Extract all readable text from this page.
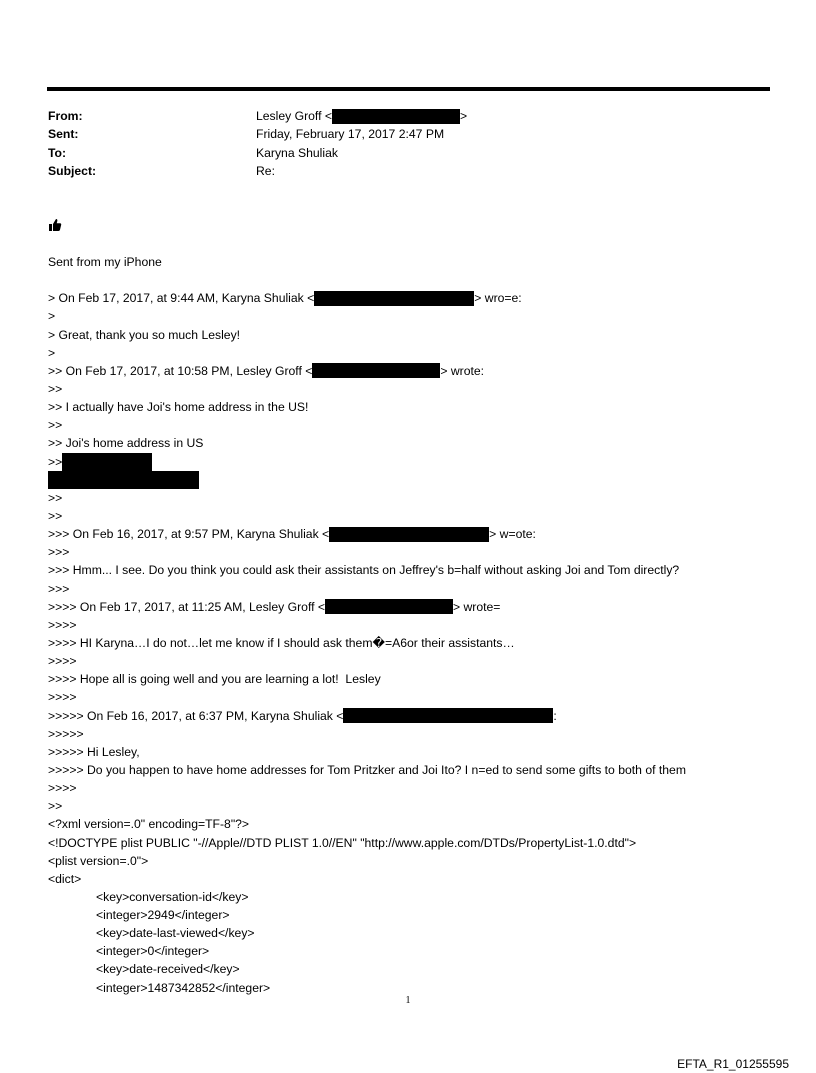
From:	Lesley Groff <	>
Sent:	Friday, February 17, 2017 2:47 PM
To:	Karyna Shuliak
Subject:	Re:
Sent from my iPhone
> On Feb 17, 2017, at 9:44 AM, Karyna Shuliak <	> wro=e:
>
> Great, thank you so much Lesley!
>
>> On Feb 17, 2017, at 10:58 PM, Lesley Groff <	> wrote:
>>
>> I actually have Joi's home address in the US!
>>
>> Joi's home address in US
>>
>>
>>
>>> On Feb 16, 2017, at 9:57 PM, Karyna Shuliak <	> w=ote:
>>>
>>> Hmm... I see. Do you think you could ask their assistants on Jeffrey's b=half without asking Joi and Tom directly?
>>>
>>>> On Feb 17, 2017, at 11:25 AM, Lesley Groff <	> wrote=
>>>>
>>>> HI Karyna…I do not…let me know if I should ask them�=A6or their assistants…
>>>>
>>>> Hope all is going well and you are learning a lot!  Lesley
>>>>
>>>>> On Feb 16, 2017, at 6:37 PM, Karyna Shuliak <	:
>>>>>
>>>>> Hi Lesley,
>>>>> Do you happen to have home addresses for Tom Pritzker and Joi Ito? I n=ed to send some gifts to both of them
>>>>
>>
<?xml version=.0" encoding=TF-8"?>
<!DOCTYPE plist PUBLIC "-//Apple//DTD PLIST 1.0//EN" "http://www.apple.com/DTDs/PropertyList-1.0.dtd">
<plist version=.0">
<dict>
<key>conversation-id</key>
<integer>2949</integer>
<key>date-last-viewed</key>
<integer>0</integer>
<key>date-received</key>
<integer>1487342852</integer>
1
EFTA_R1_01255595
